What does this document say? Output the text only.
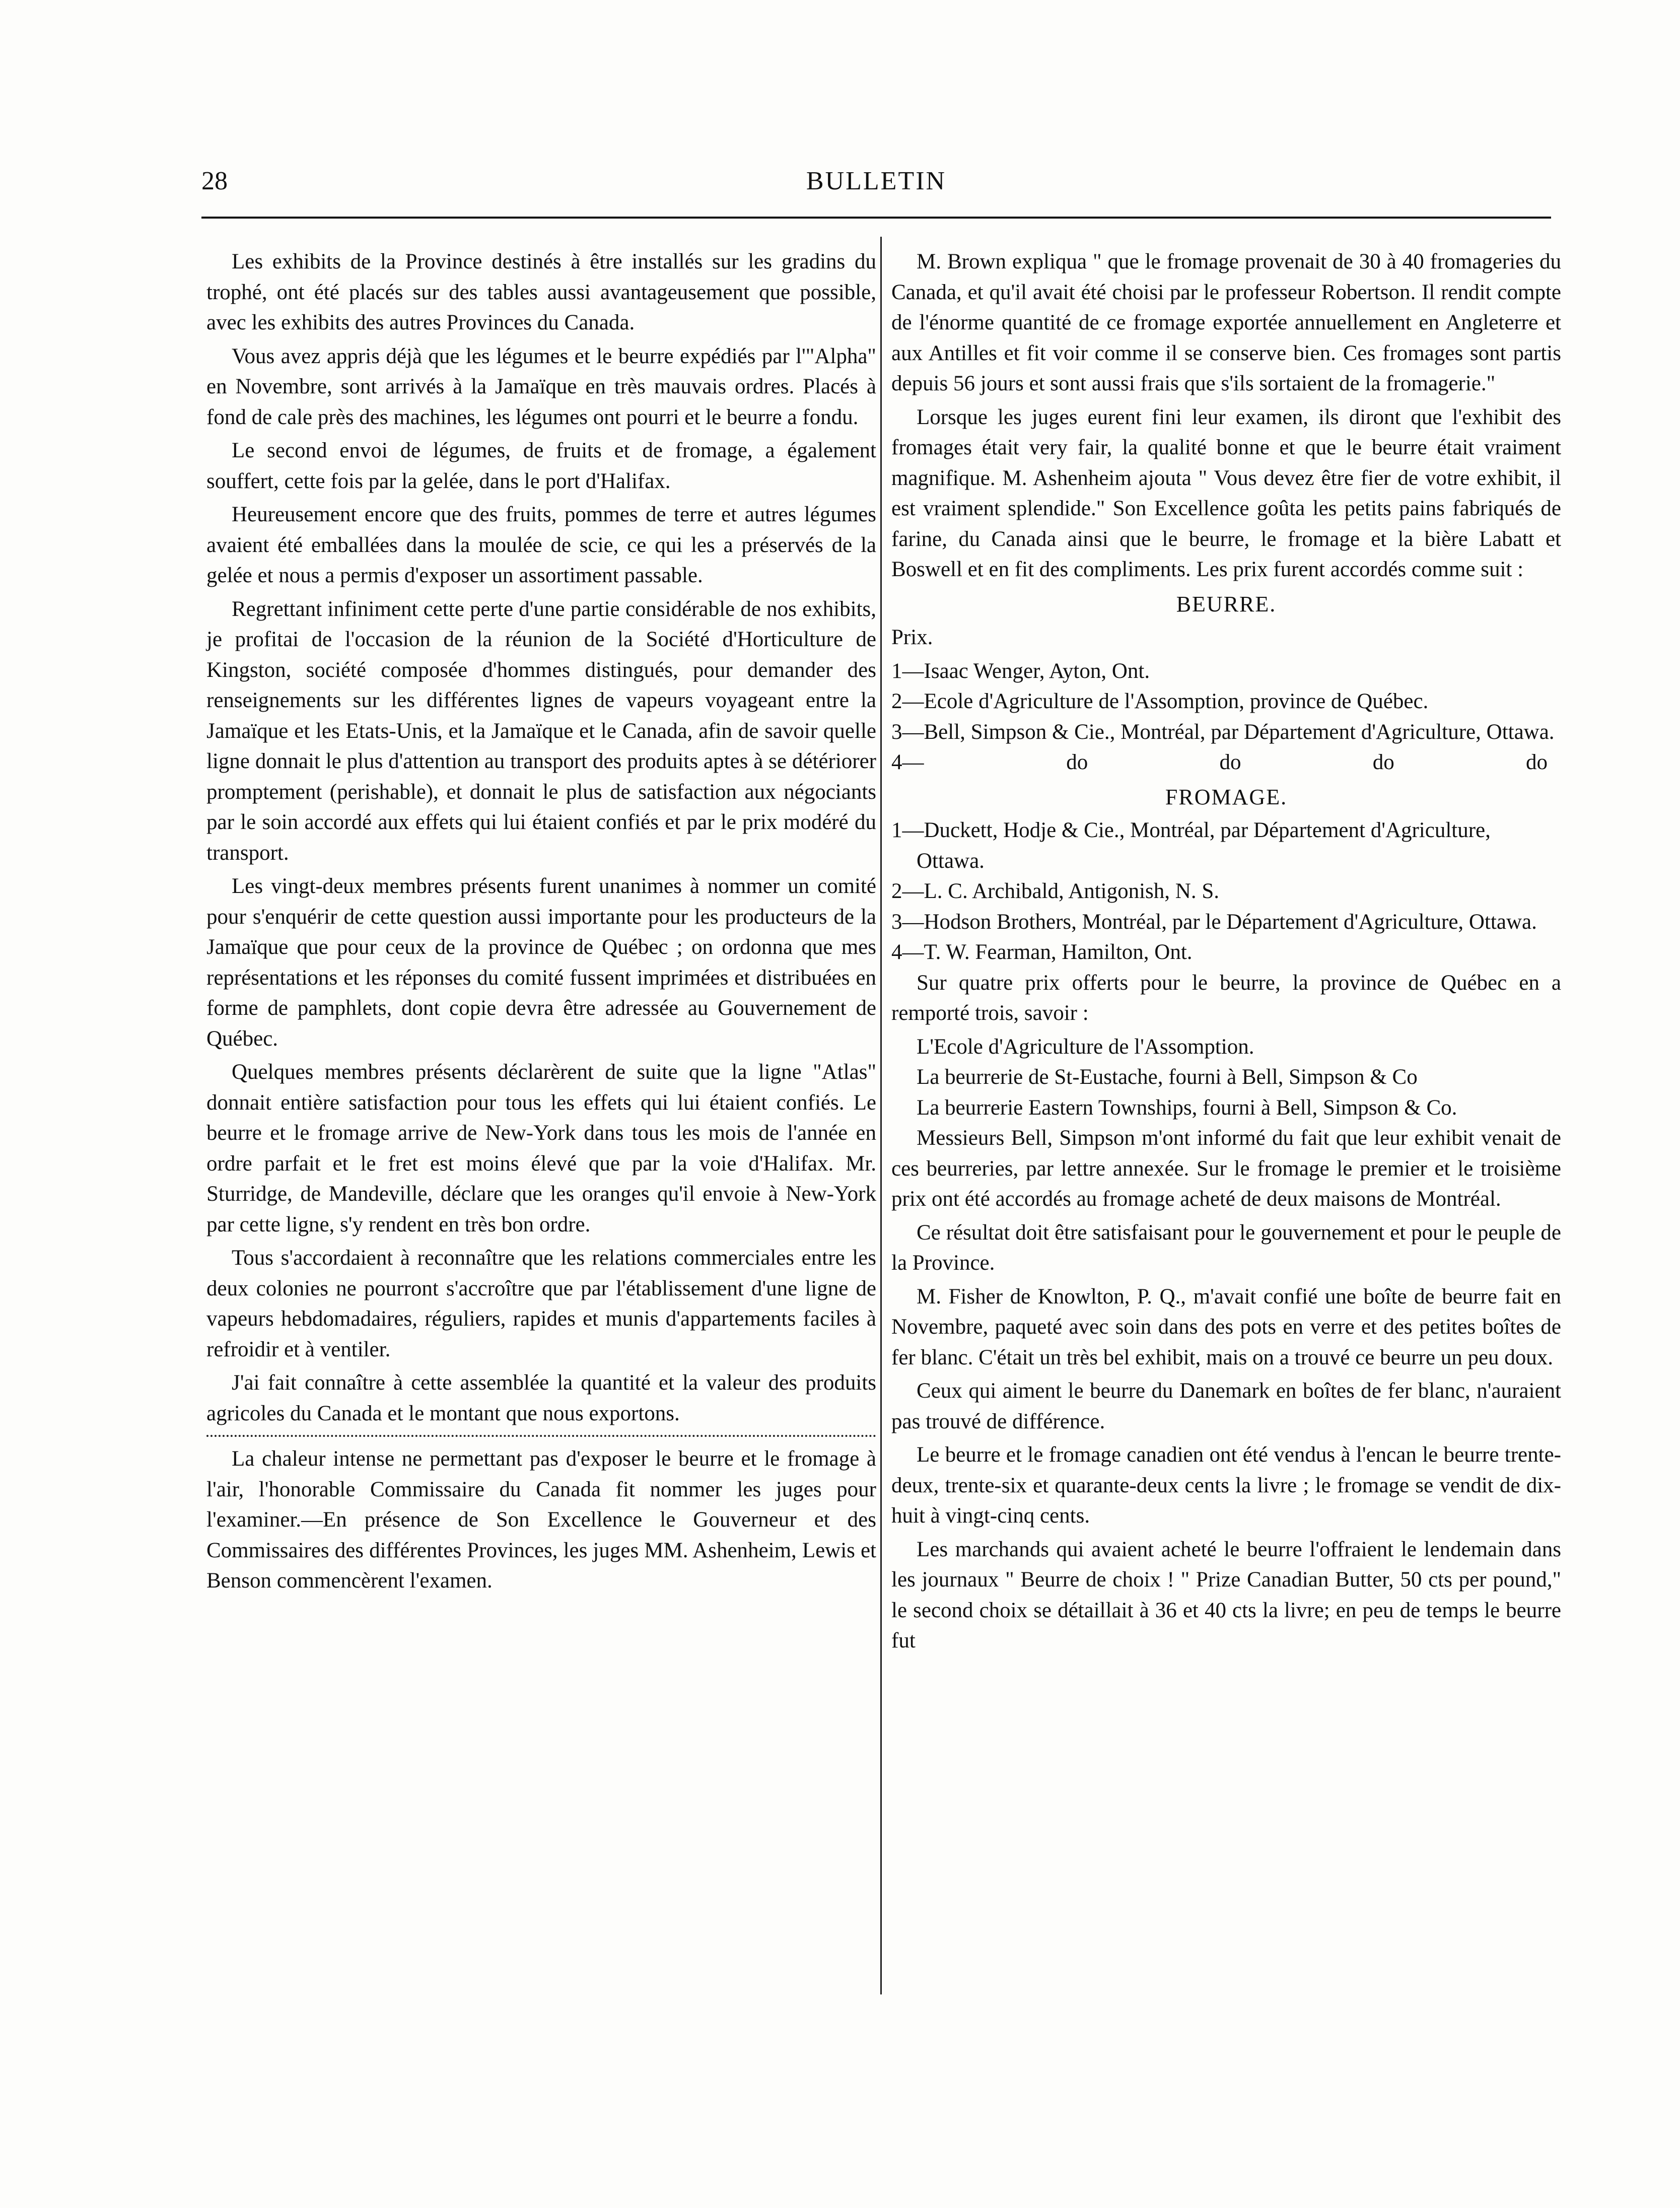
28	BULLETIN

Les exhibits de la Province destinés à être installés sur les gradins du trophé, ont été placés sur des tables aussi avantageusement que possible, avec les exhibits des autres Provinces du Canada.

Vous avez appris déjà que les légumes et le beurre expédiés par l'"Alpha" en Novembre, sont arrivés à la Jamaïque en très mauvais ordres. Placés à fond de cale près des machines, les légumes ont pourri et le beurre a fondu.

Le second envoi de légumes, de fruits et de fromage, a également souffert, cette fois par la gelée, dans le port d'Halifax.

Heureusement encore que des fruits, pommes de terre et autres légumes avaient été emballées dans la moulée de scie, ce qui les a préservés de la gelée et nous a permis d'exposer un assortiment passable.

Regrettant infiniment cette perte d'une partie considérable de nos exhibits, je profitai de l'occasion de la réunion de la Société d'Horticulture de Kingston, société composée d'hommes distingués, pour demander des renseignements sur les différentes lignes de vapeurs voyageant entre la Jamaïque et les Etats-Unis, et la Jamaïque et le Canada, afin de savoir quelle ligne donnait le plus d'attention au transport des produits aptes à se détériorer promptement (perishable), et donnait le plus de satisfaction aux négociants par le soin accordé aux effets qui lui étaient confiés et par le prix modéré du transport.

Les vingt-deux membres présents furent unanimes à nommer un comité pour s'enquérir de cette question aussi importante pour les producteurs de la Jamaïque que pour ceux de la province de Québec ; on ordonna que mes représentations et les réponses du comité fussent imprimées et distribuées en forme de pamphlets, dont copie devra être adressée au Gouvernement de Québec.

Quelques membres présents déclarèrent de suite que la ligne "Atlas" donnait entière satisfaction pour tous les effets qui lui étaient confiés. Le beurre et le fromage arrive de New-York dans tous les mois de l'année en ordre parfait et le fret est moins élevé que par la voie d'Halifax. Mr. Sturridge, de Mandeville, déclare que les oranges qu'il envoie à New-York par cette ligne, s'y rendent en très bon ordre.

Tous s'accordaient à reconnaître que les relations commerciales entre les deux colonies ne pourront s'accroître que par l'établissement d'une ligne de vapeurs hebdomadaires, réguliers, rapides et munis d'appartements faciles à refroidir et à ventiler.

J'ai fait connaître à cette assemblée la quantité et la valeur des produits agricoles du Canada et le montant que nous exportons.

La chaleur intense ne permettant pas d'exposer le beurre et le fromage à l'air, l'honorable Commissaire du Canada fit nommer les juges pour l'examiner.—En présence de Son Excellence le Gouverneur et des Commissaires des différentes Provinces, les juges MM. Ashenheim, Lewis et Benson commencèrent l'examen.

M. Brown expliqua " que le fromage provenait de 30 à 40 fromageries du Canada, et qu'il avait été choisi par le professeur Robertson. Il rendit compte de l'énorme quantité de ce fromage exportée annuellement en Angleterre et aux Antilles et fit voir comme il se conserve bien. Ces fromages sont partis depuis 56 jours et sont aussi frais que s'ils sortaient de la fromagerie."

Lorsque les juges eurent fini leur examen, ils diront que l'exhibit des fromages était very fair, la qualité bonne et que le beurre était vraiment magnifique. M. Ashenheim ajouta " Vous devez être fier de votre exhibit, il est vraiment splendide." Son Excellence goûta les petits pains fabriqués de farine, du Canada ainsi que le beurre, le fromage et la bière Labatt et Boswell et en fit des compliments. Les prix furent accordés comme suit :

BEURRE.

Prix.

1—Isaac Wenger, Ayton, Ont.
2—Ecole d'Agriculture de l'Assomption, province de Québec.
3—Bell, Simpson & Cie., Montréal, par Département d'Agriculture, Ottawa.
4—	do	do	do	do
FROMAGE.
1—Duckett, Hodje & Cie., Montréal, par Département d'Agriculture, Ottawa.
2—L. C. Archibald, Antigonish, N. S.
3—Hodson Brothers, Montréal, par le Département d'Agriculture, Ottawa.
4—T. W. Fearman, Hamilton, Ont.

Sur quatre prix offerts pour le beurre, la province de Québec en a remporté trois, savoir :

L'Ecole d'Agriculture de l'Assomption.
La beurrerie de St-Eustache, fourni à Bell, Simpson & Co
La beurrerie Eastern Townships, fourni à Bell, Simpson & Co.

Messieurs Bell, Simpson m'ont informé du fait que leur exhibit venait de ces beurreries, par lettre annexée. Sur le fromage le premier et le troisième prix ont été accordés au fromage acheté de deux maisons de Montréal.

Ce résultat doit être satisfaisant pour le gouvernement et pour le peuple de la Province.

M. Fisher de Knowlton, P. Q., m'avait confié une boîte de beurre fait en Novembre, paqueté avec soin dans des pots en verre et des petites boîtes de fer blanc. C'était un très bel exhibit, mais on a trouvé ce beurre un peu doux.

Ceux qui aiment le beurre du Danemark en boîtes de fer blanc, n'auraient pas trouvé de différence.

Le beurre et le fromage canadien ont été vendus à l'encan le beurre trente-deux, trente-six et quarante-deux cents la livre ; le fromage se vendit de dix-huit à vingt-cinq cents.

Les marchands qui avaient acheté le beurre l'offraient le lendemain dans les journaux " Beurre de choix ! " Prize Canadian Butter, 50 cts per pound," le second choix se détaillait à 36 et 40 cts la livre; en peu de temps le beurre fut
